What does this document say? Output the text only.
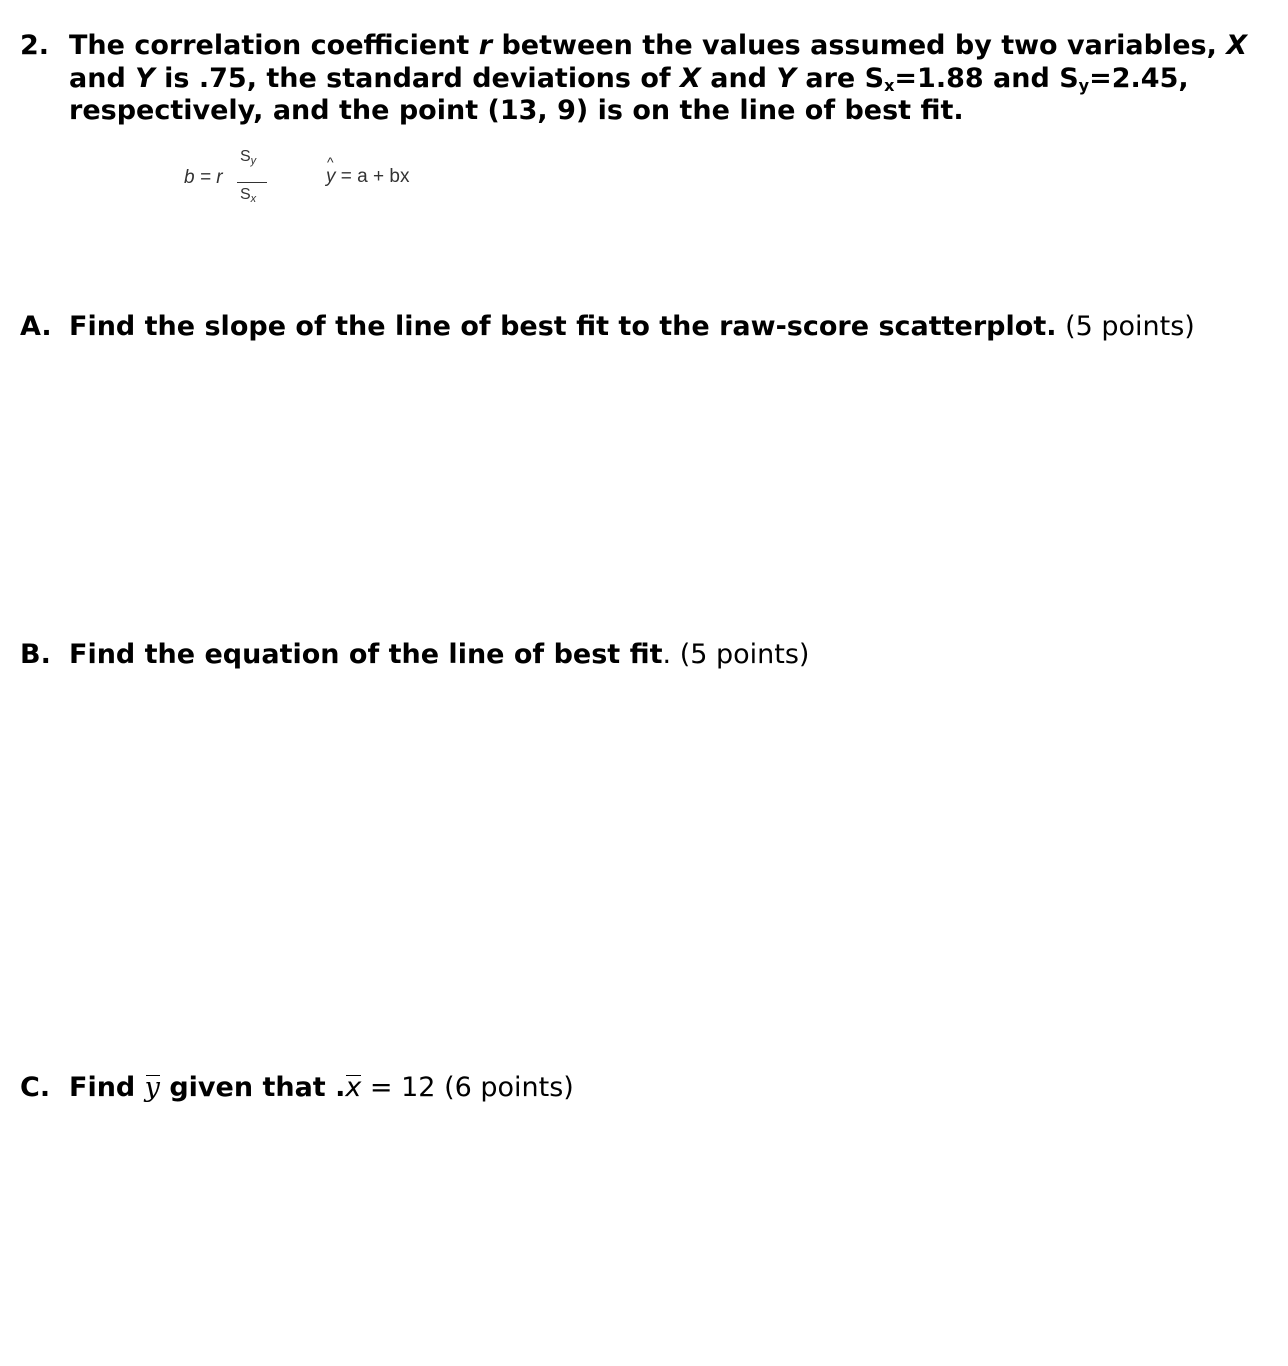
2. The correlation coefficient r between the values assumed by two variables, X
and Y is .75, the standard deviations of X and Y are $S_x=1.88$ and $S_y=2.45$,
respectively, and the point (13, 9) is on the line of best fit.
b = r
Sy
Sx
^ y = a + bx
A. Find the slope of the line of best fit to the raw-score scatterplot. (5 points)
B. Find the equation of the line of best fit. (5 points)
C. Find y given that .x = 12 (6 points)
